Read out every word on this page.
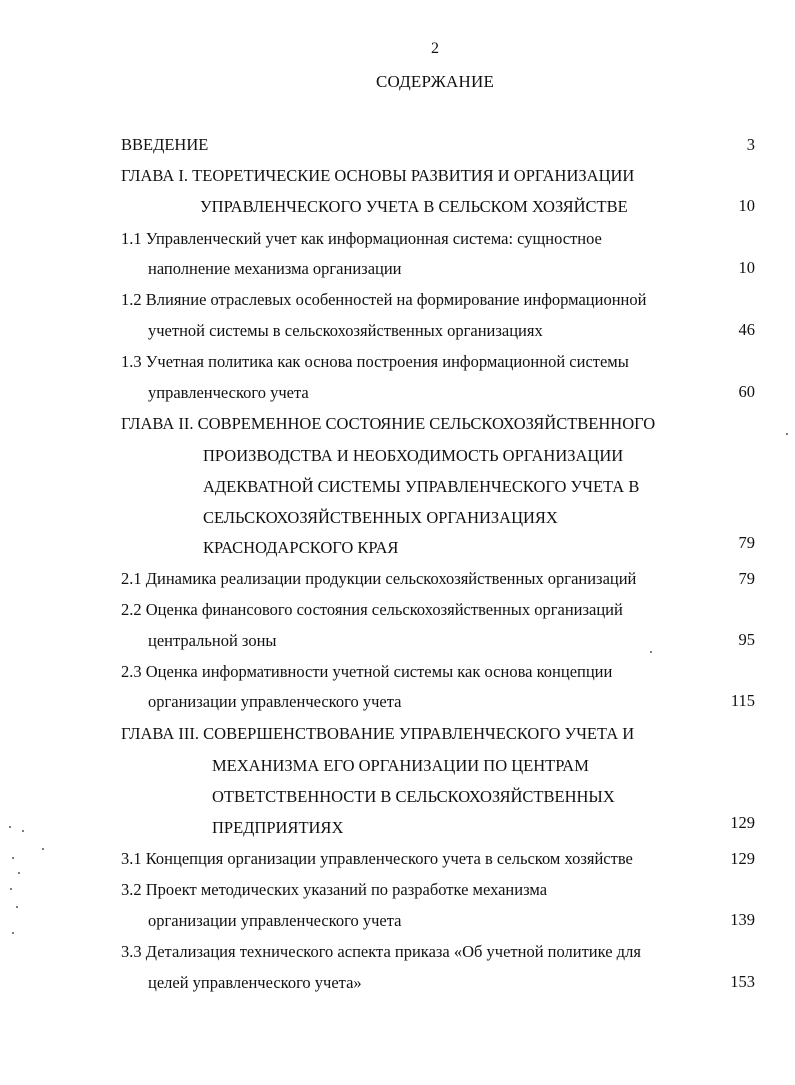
2
СОДЕРЖАНИЕ
ВВЕДЕНИЕ	3
ГЛАВА I. ТЕОРЕТИЧЕСКИЕ ОСНОВЫ РАЗВИТИЯ И ОРГАНИЗАЦИИ
УПРАВЛЕНЧЕСКОГО УЧЕТА В СЕЛЬСКОМ ХОЗЯЙСТВЕ	10
1.1 Управленческий учет как информационная система: сущностное
наполнение механизма организации	10
1.2 Влияние отраслевых особенностей на формирование информационной
учетной системы в сельскохозяйственных организациях	46
1.3 Учетная политика как основа построения информационной системы
управленческого учета	60
ГЛАВА II. СОВРЕМЕННОЕ СОСТОЯНИЕ СЕЛЬСКОХОЗЯЙСТВЕННОГО
ПРОИЗВОДСТВА И НЕОБХОДИМОСТЬ ОРГАНИЗАЦИИ
АДЕКВАТНОЙ СИСТЕМЫ УПРАВЛЕНЧЕСКОГО УЧЕТА В
СЕЛЬСКОХОЗЯЙСТВЕННЫХ ОРГАНИЗАЦИЯХ
КРАСНОДАРСКОГО КРАЯ	79
2.1 Динамика реализации продукции сельскохозяйственных организаций	79
2.2 Оценка финансового состояния сельскохозяйственных организаций
центральной зоны	95
2.3 Оценка информативности учетной системы как основа концепции
организации управленческого учета	115
ГЛАВА III. СОВЕРШЕНСТВОВАНИЕ УПРАВЛЕНЧЕСКОГО УЧЕТА И
МЕХАНИЗМА ЕГО ОРГАНИЗАЦИИ ПО ЦЕНТРАМ
ОТВЕТСТВЕННОСТИ В СЕЛЬСКОХОЗЯЙСТВЕННЫХ
ПРЕДПРИЯТИЯХ	129
3.1 Концепция организации управленческого учета в сельском хозяйстве	129
3.2 Проект методических указаний по разработке механизма
организации управленческого учета	139
3.3 Детализация технического аспекта приказа «Об учетной политике для
целей управленческого учета»	153
